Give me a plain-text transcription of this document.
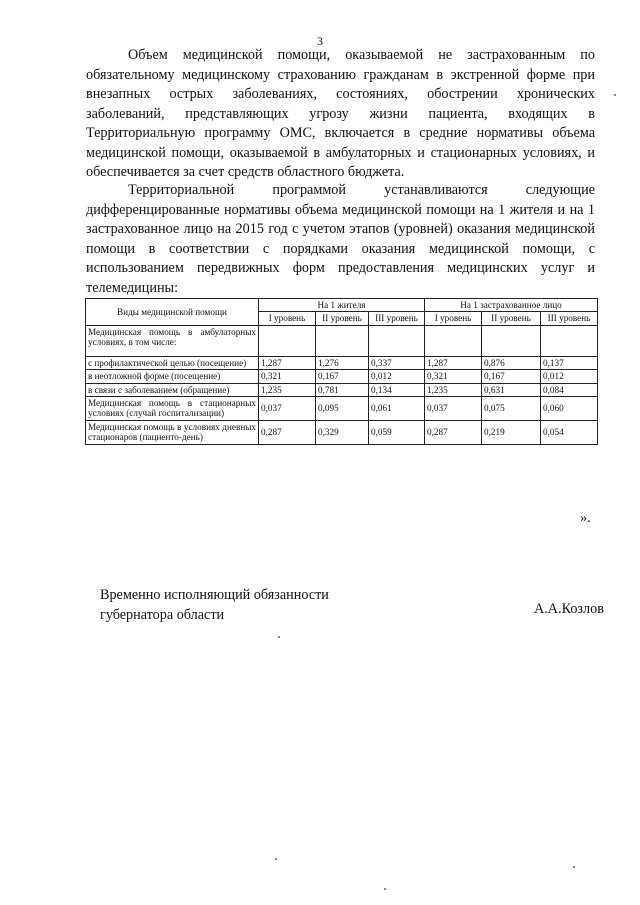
3

Объем медицинской помощи, оказываемой не застрахованным по обязательному медицинскому страхованию гражданам в экстренной форме при внезапных острых заболеваниях, состояниях, обострении хронических заболеваний, представляющих угрозу жизни пациента, входящих в Территориальную программу ОМС, включается в средние нормативы объема медицинской помощи, оказываемой в амбулаторных и стационарных условиях, и обеспечивается за счет средств областного бюджета.

Территориальной программой устанавливаются следующие дифференцированные нормативы объема медицинской помощи на 1 жителя и на 1 застрахованное лицо на 2015 год с учетом этапов (уровней) оказания медицинской помощи в соответствии с порядками оказания медицинской помощи, с использованием передвижных форм предоставления медицинских услуг и телемедицины:

Виды медицинской помощи	На 1 жителя			На 1 застрахованное лицо		
	I уровень	II уровень	III уровень	I уровень	II уровень	III уровень
Медицинская помощь в амбулаторных условиях, в том числе:						
с профилактической целью (посещение)	1,287	1,276	0,337	1,287	0,876	0,137
в неотложной форме (посещение)	0,321	0,167	0,012	0,321	0,167	0,012
в связи с заболеванием (обращение)	1,235	0,781	0,134	1,235	0,631	0,084
Медицинская помощь в стационарных условиях (случай госпитализации)	0,037	0,095	0,061	0,037	0,075	0,060
Медицинская помощь в условиях дневных стационаров (пациенто-день)	0,287	0,329	0,059	0,287	0,219	0,054
».
Временно исполняющий обязанности
губернатора области	А.А.Козлов
